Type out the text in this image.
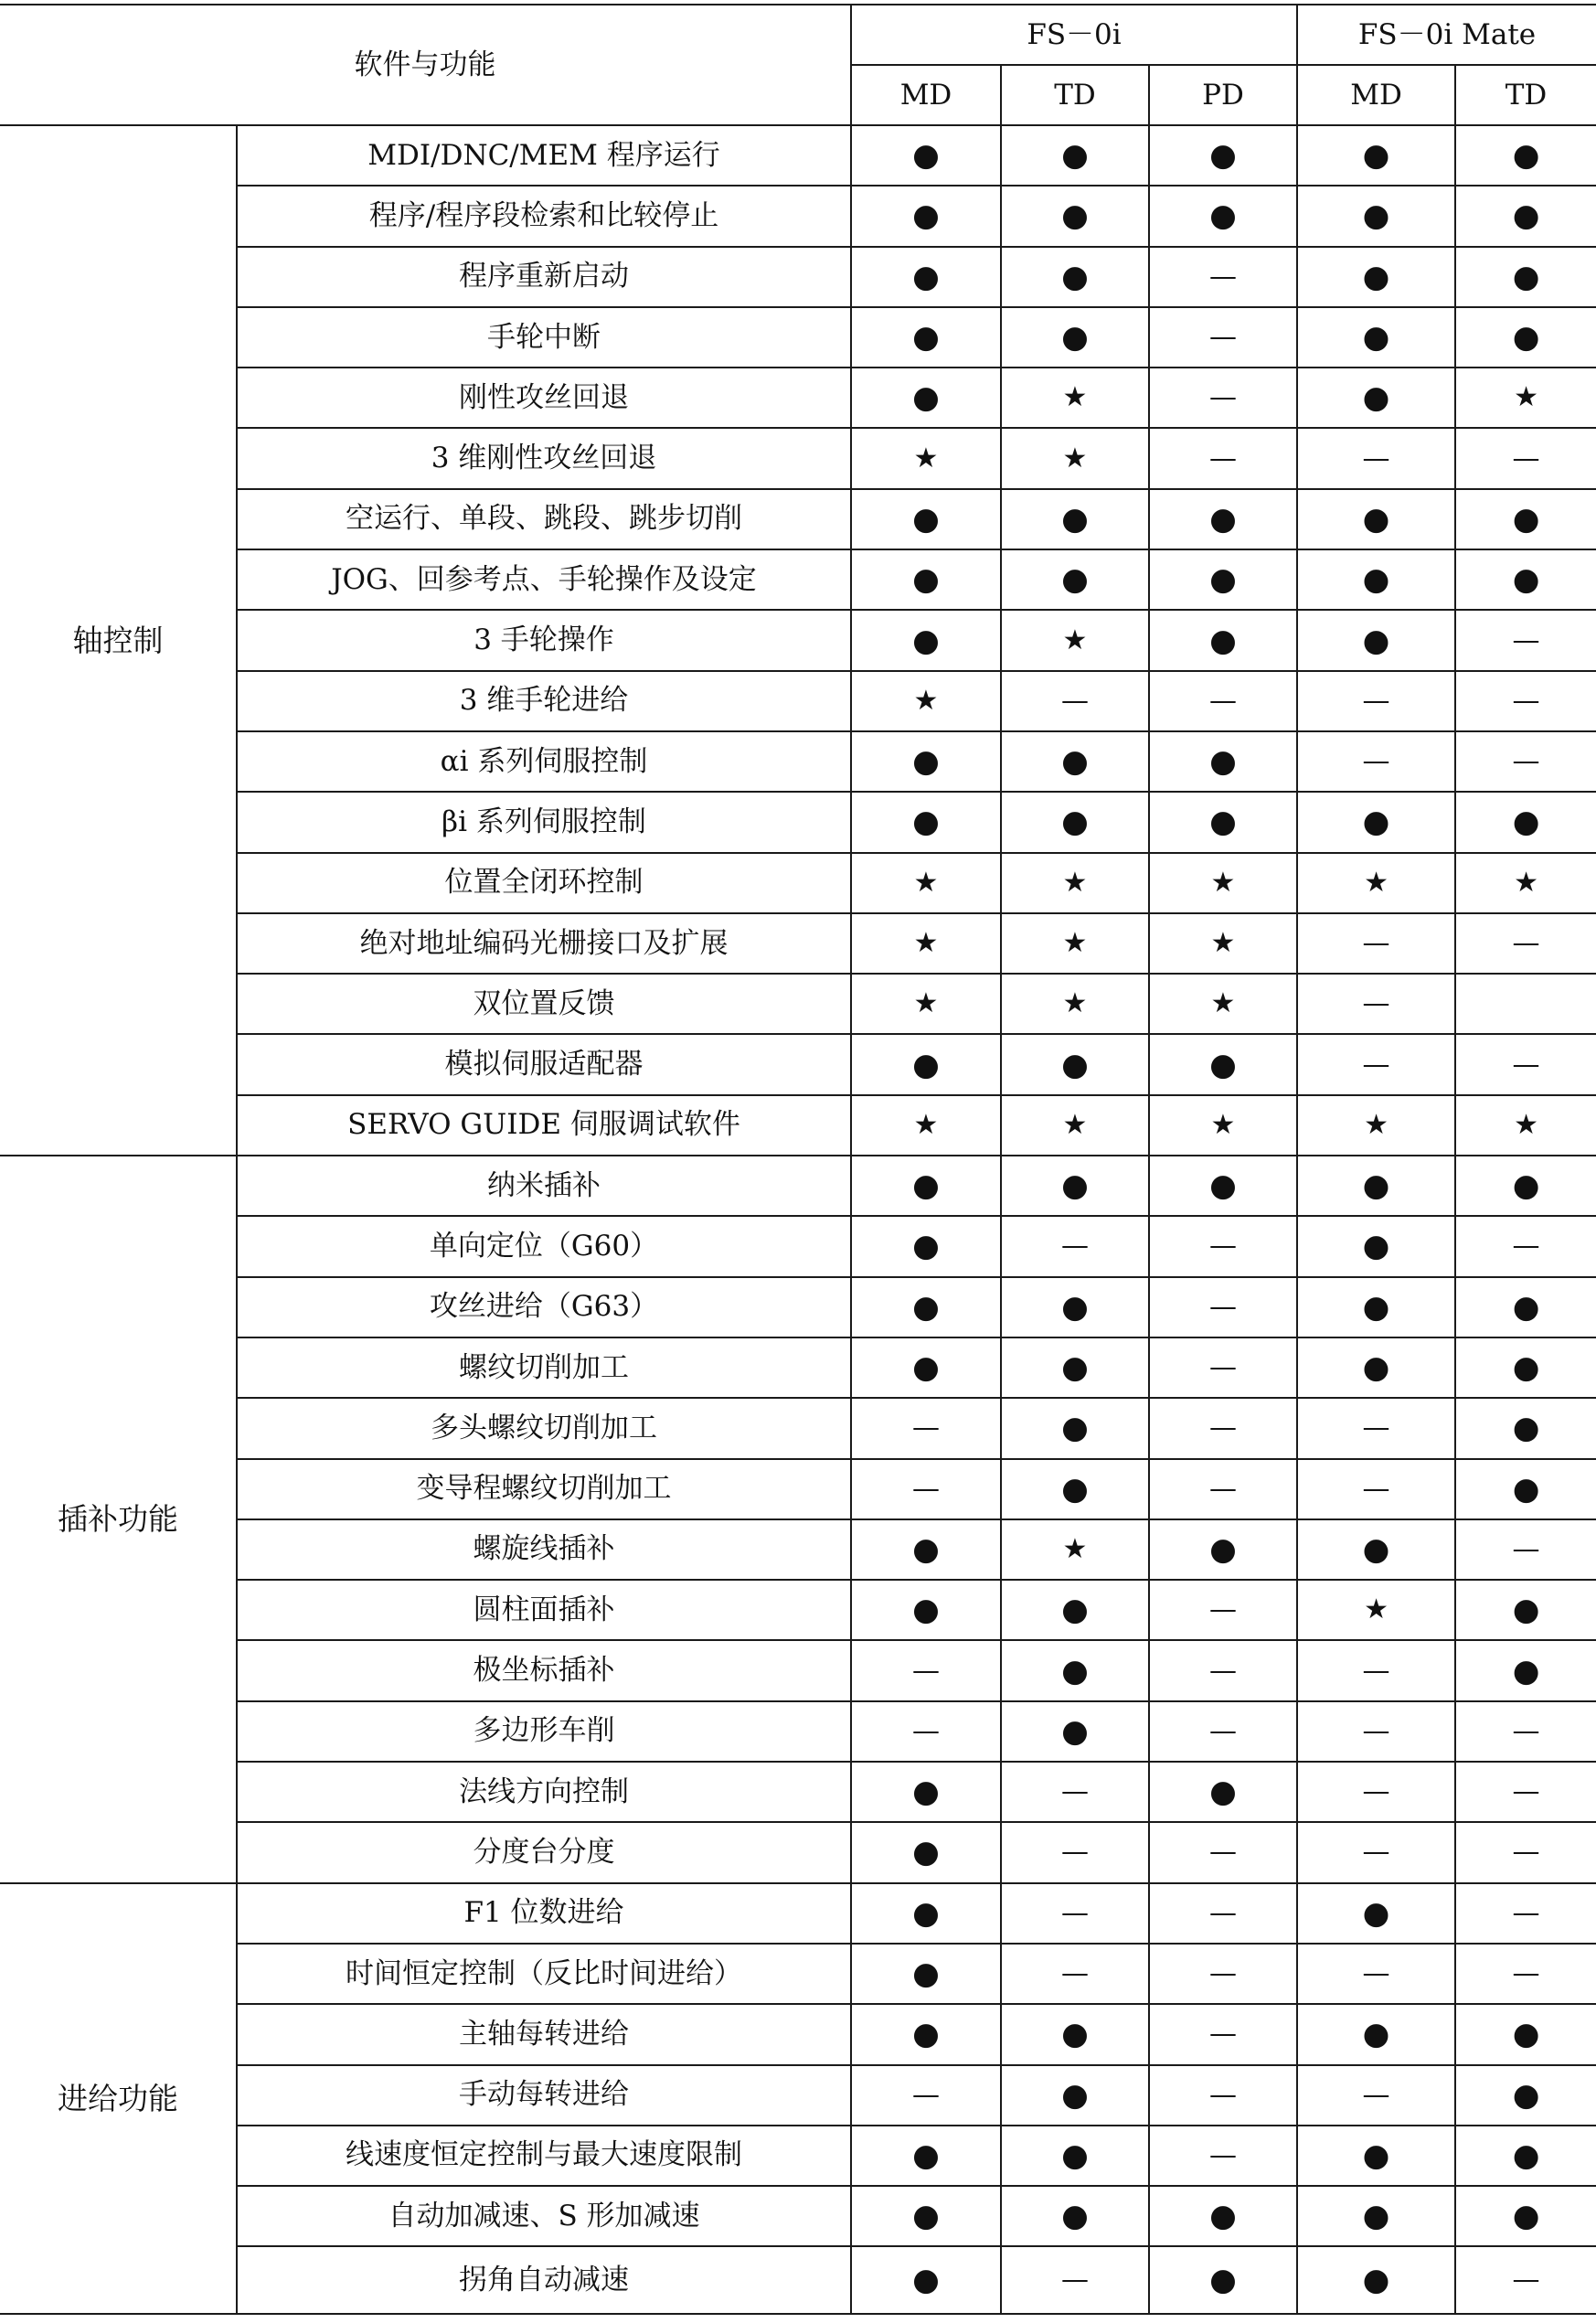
软件与功能		FS－0i			FS－0i Mate	
		MD	TD	PD	MD	TD
轴控制	MDI/DNC/MEM 程序运行	●	●	●	●	●
	程序/程序段检索和比较停止	●	●	●	●	●
	程序重新启动	●	●	—	●	●
	手轮中断	●	●	—	●	●
	刚性攻丝回退	●	★	—	●	★
	3 维刚性攻丝回退	★	★	—	—	—
	空运行、单段、跳段、跳步切削	●	●	●	●	●
	JOG、回参考点、手轮操作及设定	●	●	●	●	●
	3 手轮操作	●	★	●	●	—
	3 维手轮进给	★	—	—	—	—
	αi 系列伺服控制	●	●	●	—	—
	βi 系列伺服控制	●	●	●	●	●
	位置全闭环控制	★	★	★	★	★
	绝对地址编码光栅接口及扩展	★	★	★	—	—
	双位置反馈	★	★	★	—	
	模拟伺服适配器	●	●	●	—	—
	SERVO GUIDE 伺服调试软件	★	★	★	★	★
插补功能	纳米插补	●	●	●	●	●
	单向定位（G60）	●	—	—	●	—
	攻丝进给（G63）	●	●	—	●	●
	螺纹切削加工	●	●	—	●	●
	多头螺纹切削加工	—	●	—	—	●
	变导程螺纹切削加工	—	●	—	—	●
	螺旋线插补	●	★	●	●	—
	圆柱面插补	●	●	—	★	●
	极坐标插补	—	●	—	—	●
	多边形车削	—	●	—	—	—
	法线方向控制	●	—	●	—	—
	分度台分度	●	—	—	—	—
进给功能	F1 位数进给	●	—	—	●	—
	时间恒定控制（反比时间进给）	●	—	—	—	—
	主轴每转进给	●	●	—	●	●
	手动每转进给	—	●	—	—	●
	线速度恒定控制与最大速度限制	●	●	—	●	●
	自动加减速、S 形加减速	●	●	●	●	●
	拐角自动减速	●	—	●	●	—
